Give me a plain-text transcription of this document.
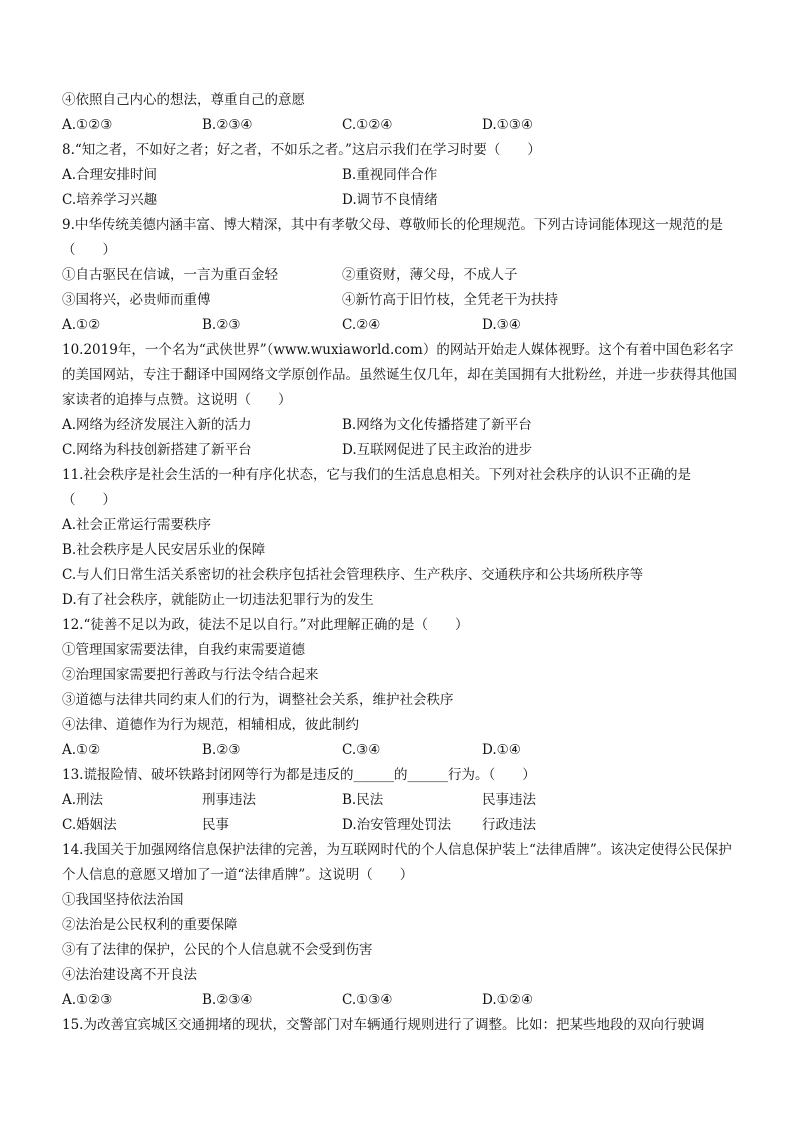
④依照自己内心的想法，尊重自己的意愿
A.①②③	B.②③④	C.①②④	D.①③④
8.“知之者，不如好之者；好之者，不如乐之者。”这启示我们在学习时要（　　）
A.合理安排时间	B.重视同伴合作
C.培养学习兴趣	D.调节不良情绪
9.中华传统美德内涵丰富、博大精深，其中有孝敬父母、尊敬师长的伦理规范。下列古诗词能体现这一规范的是（　　）
①自古驱民在信诚，一言为重百金轻	②重资财，薄父母，不成人子
③国将兴，必贵师而重傅	④新竹高于旧竹枝，全凭老干为扶持
A.①②	B.②③	C.②④	D.③④
10.2019年，一个名为“武侠世界”（www.wuxiaworld.com）的网站开始走人媒体视野。这个有着中国色彩名字的美国网站，专注于翻译中国网络文学原创作品。虽然诞生仅几年，却在美国拥有大批粉丝，并进一步获得其他国家读者的追捧与点赞。这说明（　　）
A.网络为经济发展注入新的活力	B.网络为文化传播搭建了新平台
C.网络为科技创新搭建了新平台	D.互联网促进了民主政治的进步
11.社会秩序是社会生活的一种有序化状态，它与我们的生活息息相关。下列对社会秩序的认识不正确的是（　　）
A.社会正常运行需要秩序
B.社会秩序是人民安居乐业的保障
C.与人们日常生活关系密切的社会秩序包括社会管理秩序、生产秩序、交通秩序和公共场所秩序等
D.有了社会秩序，就能防止一切违法犯罪行为的发生
12.“徒善不足以为政，徒法不足以自行。”对此理解正确的是（　　）
①管理国家需要法律，自我约束需要道德
②治理国家需要把行善政与行法令结合起来
③道德与法律共同约束人们的行为，调整社会关系，维护社会秩序
④法律、道德作为行为规范，相辅相成，彼此制约
A.①②	B.②③	C.③④	D.①④
13.谎报险情、破坏铁路封闭网等行为都是违反的______的______行为。（　　）
A.刑法	刑事违法	B.民法	民事违法
C.婚姻法	民事	D.治安管理处罚法	行政违法
14.我国关于加强网络信息保护法律的完善，为互联网时代的个人信息保护装上“法律盾牌”。该决定使得公民保护个人信息的意愿又增加了一道“法律盾牌”。这说明（　　）
①我国坚持依法治国
②法治是公民权利的重要保障
③有了法律的保护，公民的个人信息就不会受到伤害
④法治建设离不开良法
A.①②③	B.②③④	C.①③④	D.①②④
15.为改善宜宾城区交通拥堵的现状，交警部门对车辆通行规则进行了调整。比如：把某些地段的双向行驶调
